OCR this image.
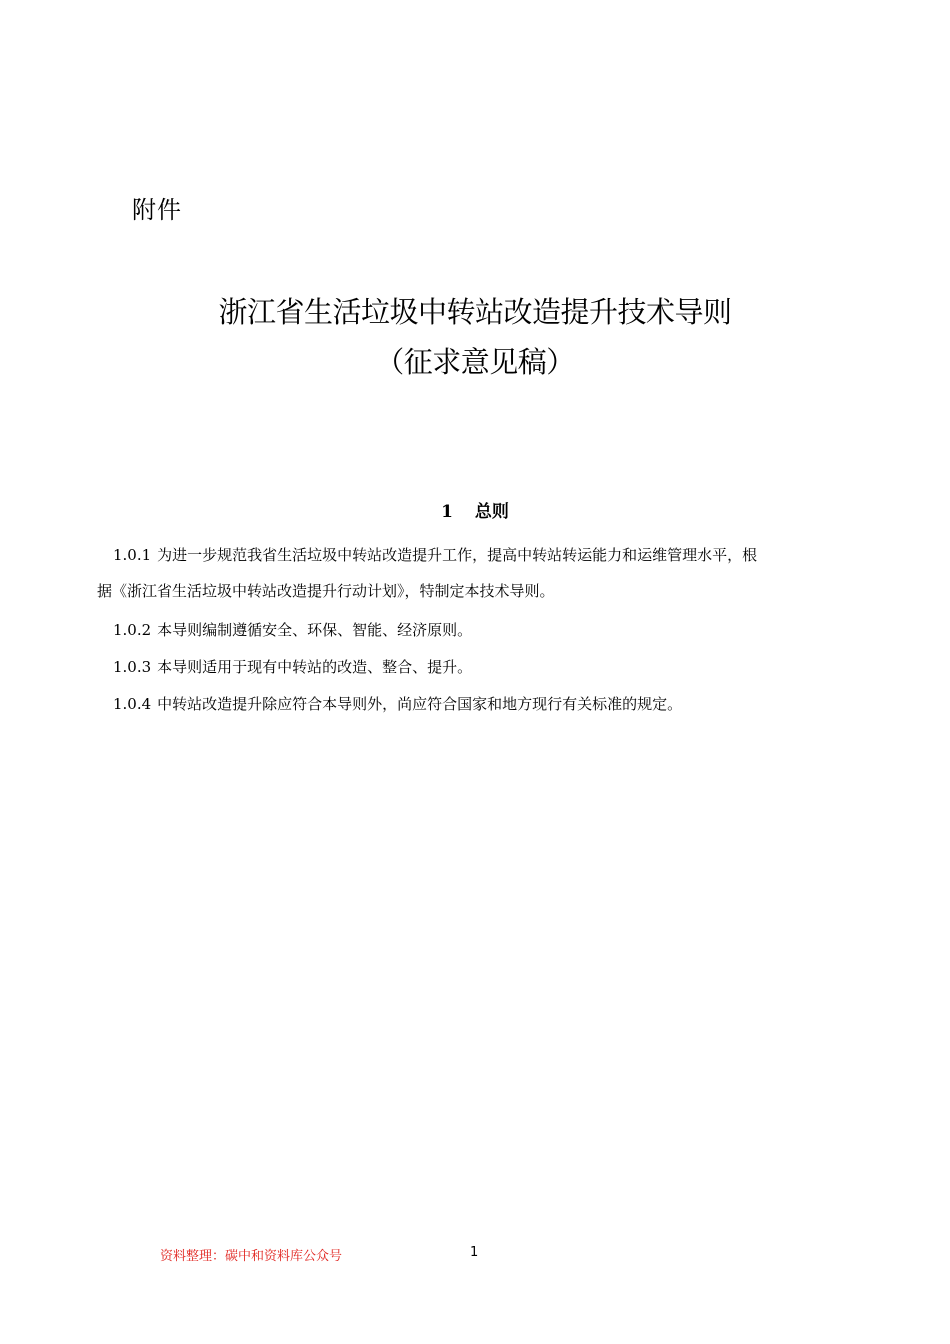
附件
浙江省生活垃圾中转站改造提升技术导则
（征求意见稿）
1 总则
1.0.1 为进一步规范我省生活垃圾中转站改造提升工作，提高中转站转运能力和运维管理水平，根
据《浙江省生活垃圾中转站改造提升行动计划》，特制定本技术导则。
1.0.2 本导则编制遵循安全、环保、智能、经济原则。
1.0.3 本导则适用于现有中转站的改造、整合、提升。
1.0.4 中转站改造提升除应符合本导则外，尚应符合国家和地方现行有关标准的规定。
资料整理：碳中和资料库公众号	1
